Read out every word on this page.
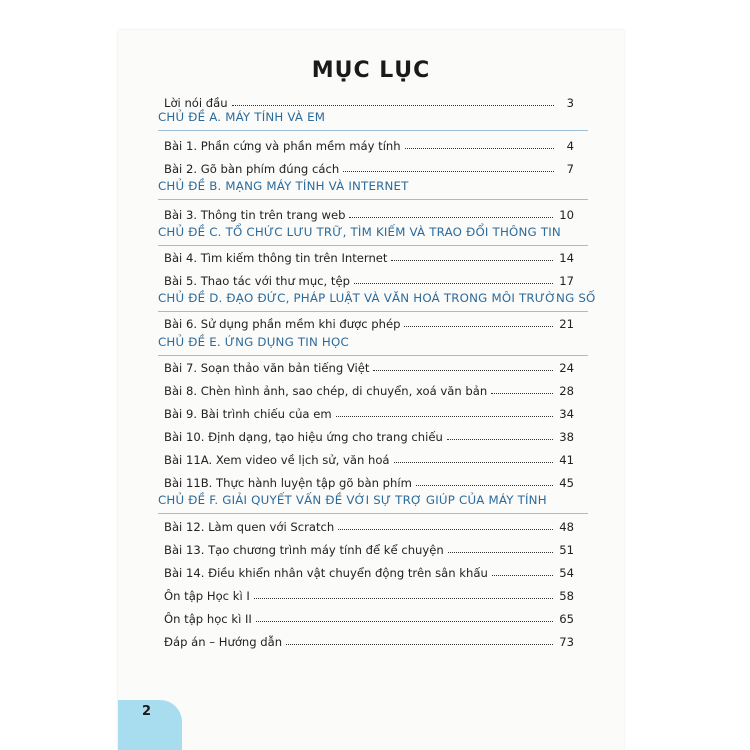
MỤC LỤC
Lời nói đầu	3
CHỦ ĐỀ A. MÁY TÍNH VÀ EM
Bài 1. Phần cứng và phần mềm máy tính	4
Bài 2. Gõ bàn phím đúng cách	7
CHỦ ĐỀ B. MẠNG MÁY TÍNH VÀ INTERNET
Bài 3. Thông tin trên trang web	10
CHỦ ĐỀ C. TỔ CHỨC LƯU TRỮ, TÌM KIẾM VÀ TRAO ĐỔI THÔNG TIN
Bài 4. Tìm kiếm thông tin trên Internet	14
Bài 5. Thao tác với thư mục, tệp	17
CHỦ ĐỀ D. ĐẠO ĐỨC, PHÁP LUẬT VÀ VĂN HOÁ TRONG MÔI TRƯỜNG SỐ
Bài 6. Sử dụng phần mềm khi được phép	21
CHỦ ĐỀ E. ỨNG DỤNG TIN HỌC
Bài 7. Soạn thảo văn bản tiếng Việt	24
Bài 8. Chèn hình ảnh, sao chép, di chuyển, xoá văn bản	28
Bài 9. Bài trình chiếu của em	34
Bài 10. Định dạng, tạo hiệu ứng cho trang chiếu	38
Bài 11A. Xem video về lịch sử, văn hoá	41
Bài 11B. Thực hành luyện tập gõ bàn phím	45
CHỦ ĐỀ F. GIẢI QUYẾT VẤN ĐỀ VỚI SỰ TRỢ GIÚP CỦA MÁY TÍNH
Bài 12. Làm quen với Scratch	48
Bài 13. Tạo chương trình máy tính để kể chuyện	51
Bài 14. Điều khiển nhân vật chuyển động trên sân khấu	54
Ôn tập Học kì I	58
Ôn tập học kì II	65
Đáp án – Hướng dẫn	73
2
